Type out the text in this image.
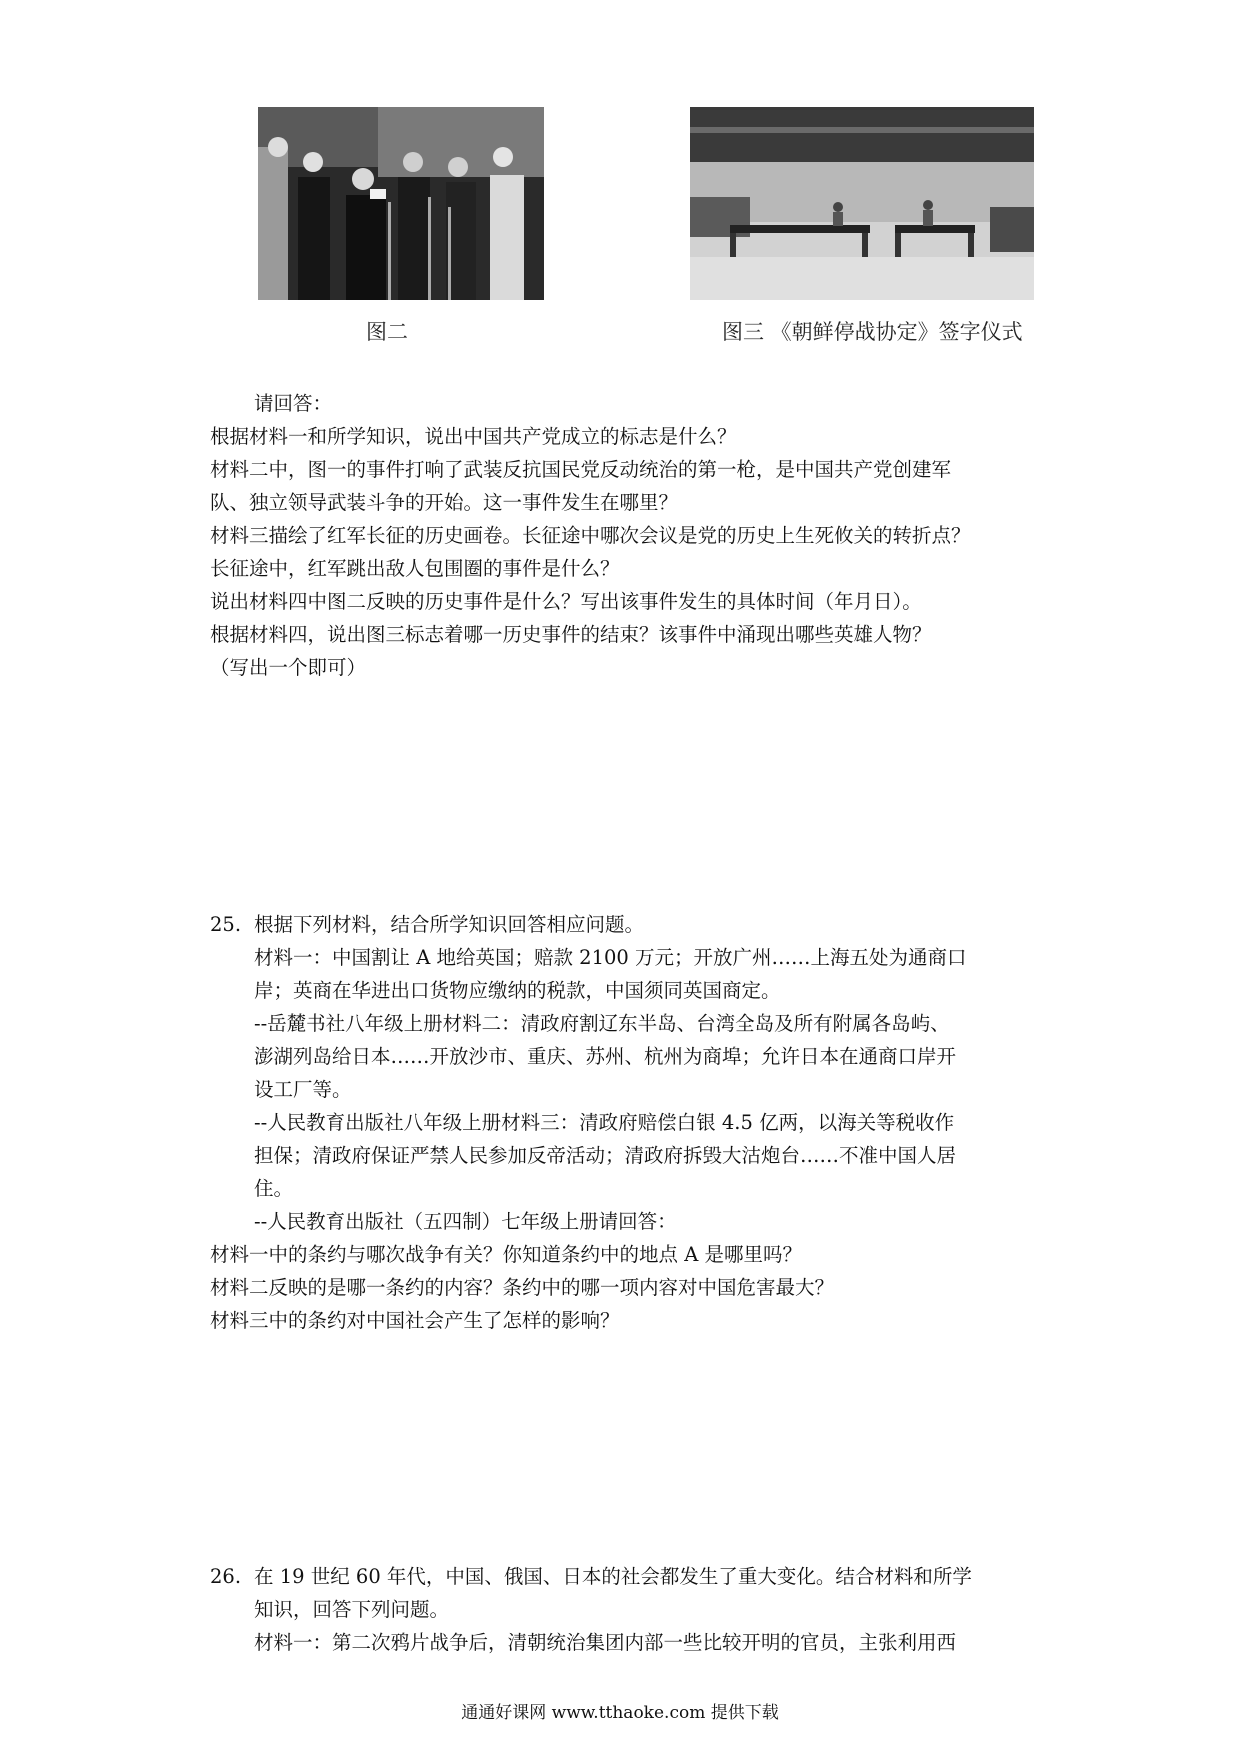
图二	图三 《朝鲜停战协定》签字仪式
请回答：
根据材料一和所学知识，说出中国共产党成立的标志是什么？
材料二中，图一的事件打响了武装反抗国民党反动统治的第一枪，是中国共产党创建军
队、独立领导武装斗争的开始。这一事件发生在哪里？
材料三描绘了红军长征的历史画卷。长征途中哪次会议是党的历史上生死攸关的转折点？
长征途中，红军跳出敌人包围圈的事件是什么？
说出材料四中图二反映的历史事件是什么？写出该事件发生的具体时间（年月日）。
根据材料四，说出图三标志着哪一历史事件的结束？该事件中涌现出哪些英雄人物？
（写出一个即可）
25. 根据下列材料，结合所学知识回答相应问题。
材料一：中国割让 A 地给英国；赔款 2100 万元；开放广州……上海五处为通商口
岸；英商在华进出口货物应缴纳的税款，中国须同英国商定。
--岳麓书社八年级上册材料二：清政府割辽东半岛、台湾全岛及所有附属各岛屿、
澎湖列岛给日本……开放沙市、重庆、苏州、杭州为商埠；允许日本在通商口岸开
设工厂等。
--人民教育出版社八年级上册材料三：清政府赔偿白银 4.5 亿两，以海关等税收作
担保；清政府保证严禁人民参加反帝活动；清政府拆毁大沽炮台……不准中国人居
住。
--人民教育出版社（五四制）七年级上册请回答：
材料一中的条约与哪次战争有关？你知道条约中的地点 A 是哪里吗？
材料二反映的是哪一条约的内容？条约中的哪一项内容对中国危害最大？
材料三中的条约对中国社会产生了怎样的影响？
26. 在 19 世纪 60 年代，中国、俄国、日本的社会都发生了重大变化。结合材料和所学
知识，回答下列问题。
材料一：第二次鸦片战争后，清朝统治集团内部一些比较开明的官员，主张利用西
通通好课网 www.tthaoke.com 提供下载
